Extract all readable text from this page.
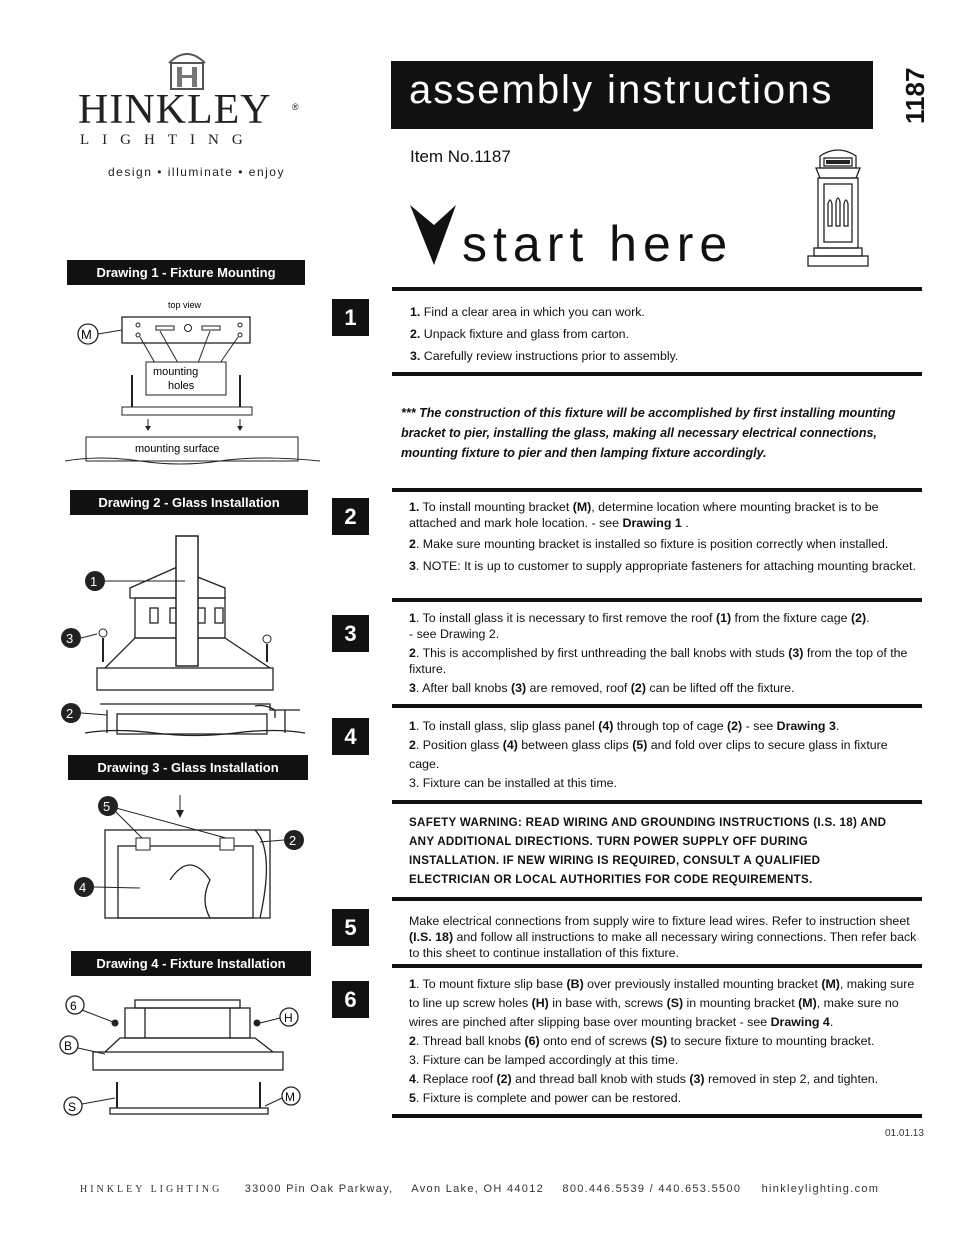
HINKLEY ®
LIGHTING
design • illuminate • enjoy
assembly instructions	1187
Item No.1187
start here
Drawing 1 - Fixture Mounting
top view
mounting
holes
M
mounting surface
Drawing 2 - Glass Installation
1
3
2
Drawing 3 - Glass Installation
5
2
4
Drawing 4 - Fixture Installation
6
H
B
S
M
1	1. Find a clear area in which you can work.
2. Unpack fixture and glass from carton.
3. Carefully review instructions prior to assembly.
*** The construction of this fixture will be accomplished by first installing mounting bracket to pier, installing the glass, making all necessary electrical connections, mounting fixture to pier and then lamping fixture accordingly.
2	1. To install mounting bracket (M), determine location where mounting bracket is to be attached and mark hole location. - see Drawing 1 .
2. Make sure mounting bracket is installed so fixture is position correctly when installed.
3. NOTE: It is up to customer to supply appropriate fasteners for attaching mounting bracket.
3
1. To install glass it is necessary to first remove the roof (1) from the fixture cage (2).
- see Drawing 2.
2. This is accomplished by first unthreading the ball knobs with studs (3) from the top of the fixture.
3. After ball knobs (3) are removed, roof (2) can be lifted off the fixture.
4	1. To install glass, slip glass panel (4) through top of cage (2) - see Drawing 3.
2. Position glass (4) between glass clips (5) and fold over clips to secure glass in fixture cage.
3. Fixture can be installed at this time.
SAFETY WARNING: READ WIRING AND GROUNDING INSTRUCTIONS (I.S. 18) AND ANY ADDITIONAL DIRECTIONS. TURN POWER SUPPLY OFF DURING INSTALLATION. IF NEW WIRING IS REQUIRED, CONSULT A QUALIFIED ELECTRICIAN OR LOCAL AUTHORITIES FOR CODE REQUIREMENTS.
5	Make electrical connections from supply wire to fixture lead wires. Refer to instruction sheet (I.S. 18) and follow all instructions to make all necessary wiring connections. Then refer back to this sheet to continue installation of this fixture.
6
1. To mount fixture slip base (B) over previously installed mounting bracket (M), making sure to line up screw holes (H) in base with, screws (S) in mounting bracket (M), make sure no wires are pinched after slipping base over mounting bracket - see Drawing 4.
2. Thread ball knobs (6) onto end of screws (S) to secure fixture to mounting bracket.
3. Fixture can be lamped accordingly at this time.
4. Replace roof (2) and thread ball knob with studs (3) removed in step 2, and tighten.
5. Fixture is complete and power can be restored.
01.01.13
HINKLEY LIGHTING 33000 Pin Oak Parkway, Avon Lake, OH 44012 800.446.5539 / 440.653.5500 hinkleylighting.com
